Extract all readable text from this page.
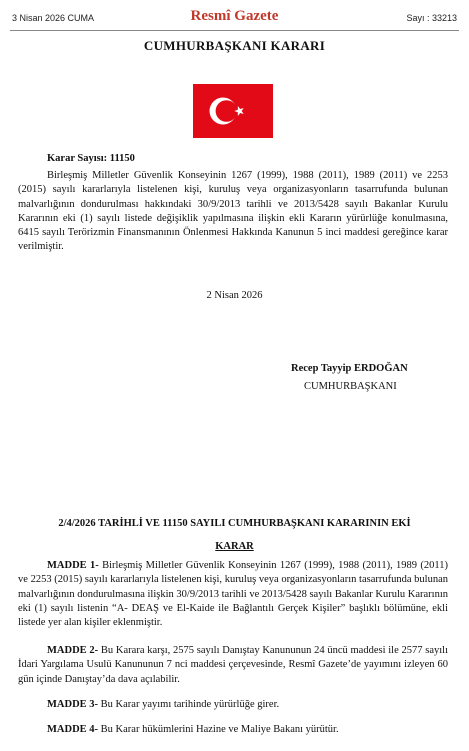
3 Nisan 2026 CUMA	Resmî Gazete	Sayı : 33213
CUMHURBAŞKANI KARARI
Karar Sayısı: 11150

Birleşmiş Milletler Güvenlik Konseyinin 1267 (1999), 1988 (2011), 1989 (2011) ve 2253 (2015) sayılı kararlarıyla listelenen kişi, kuruluş veya organizasyonların tasarrufunda bulunan malvarlığının dondurulması hakkındaki 30/9/2013 tarihli ve 2013/5428 sayılı Bakanlar Kurulu Kararının eki (1) sayılı listede değişiklik yapılmasına ilişkin ekli Kararın yürürlüğe konulmasına, 6415 sayılı Terörizmin Finansmanının Önlenmesi Hakkında Kanunun 5 inci maddesi gereğince karar verilmiştir.

2 Nisan 2026
Recep Tayyip ERDOĞAN
CUMHURBAŞKANI
2/4/2026 TARİHLİ VE 11150 SAYILI CUMHURBAŞKANI KARARININ EKİ
KARAR

MADDE 1- Birleşmiş Milletler Güvenlik Konseyinin 1267 (1999), 1988 (2011), 1989 (2011) ve 2253 (2015) sayılı kararlarıyla listelenen kişi, kuruluş veya organizasyonların tasarrufunda bulunan malvarlığının dondurulmasına ilişkin 30/9/2013 tarihli ve 2013/5428 sayılı Bakanlar Kurulu Kararının eki (1) sayılı listenin “A- DEAŞ ve El-Kaide ile Bağlantılı Gerçek Kişiler” başlıklı bölümüne, ekli listede yer alan kişiler eklenmiştir.

MADDE 2- Bu Karara karşı, 2575 sayılı Danıştay Kanununun 24 üncü maddesi ile 2577 sayılı İdari Yargılama Usulü Kanununun 7 nci maddesi çerçevesinde, Resmî Gazete’de yayımını izleyen 60 gün içinde Danıştay’da dava açılabilir.

MADDE 3- Bu Karar yayımı tarihinde yürürlüğe girer.

MADDE 4- Bu Karar hükümlerini Hazine ve Maliye Bakanı yürütür.
